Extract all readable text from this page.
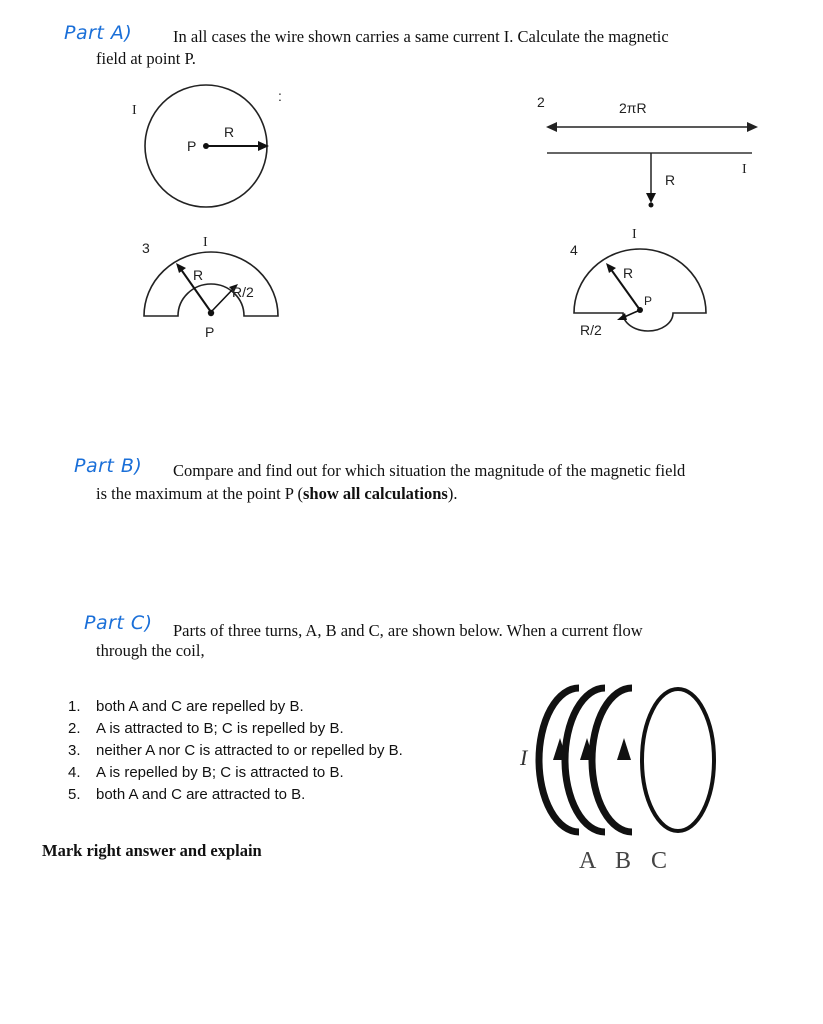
Part A) In all cases the wire shown carries a same current I. Calculate the magnetic
field at point P.
I
P
R
:	2	2πR
R
I
3	I
R
R/2
P
4
I
R
P
R/2
Part B) Compare and find out for which situation the magnitude of the magnetic field
is the maximum at the point P (show all calculations).
Part C) Parts of three turns, A, B and C, are shown below. When a current flow
through the coil,
1. both A and C are repelled by B.
2. A is attracted to B; C is repelled by B.
3. neither A nor C is attracted to or repelled by B.
4. A is repelled by B; C is attracted to B.
5. both A and C are attracted to B.
Mark right answer and explain
I
A  B  C
